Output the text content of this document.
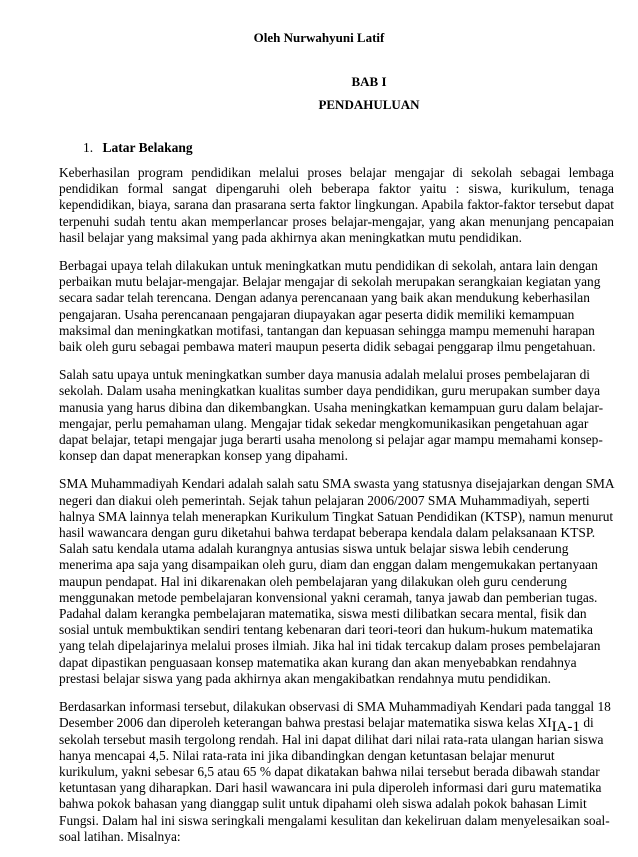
Oleh Nurwahyuni Latif
BAB I
PENDAHULUAN
1. Latar Belakang

Keberhasilan program pendidikan melalui proses belajar mengajar di sekolah sebagai lembaga pendidikan formal sangat dipengaruhi oleh beberapa faktor yaitu : siswa, kurikulum, tenaga kependidikan, biaya, sarana dan prasarana serta faktor lingkungan. Apabila faktor-faktor tersebut dapat terpenuhi sudah tentu akan memperlancar proses belajar-mengajar, yang akan menunjang pencapaian hasil belajar yang maksimal yang pada akhirnya akan meningkatkan mutu pendidikan.

Berbagai upaya telah dilakukan untuk meningkatkan mutu pendidikan di sekolah, antara lain dengan perbaikan mutu belajar-mengajar. Belajar mengajar di sekolah merupakan serangkaian kegiatan yang secara sadar telah terencana. Dengan adanya perencanaan yang baik akan mendukung keberhasilan pengajaran. Usaha perencanaan pengajaran diupayakan agar peserta didik memiliki kemampuan maksimal dan meningkatkan motifasi, tantangan dan kepuasan sehingga mampu memenuhi harapan baik oleh guru sebagai pembawa materi maupun peserta didik sebagai penggarap ilmu pengetahuan.

Salah satu upaya untuk meningkatkan sumber daya manusia adalah melalui proses pembelajaran di sekolah. Dalam usaha meningkatkan kualitas sumber daya pendidikan, guru merupakan sumber daya manusia yang harus dibina dan dikembangkan. Usaha meningkatkan kemampuan guru dalam belajar-mengajar, perlu pemahaman ulang. Mengajar tidak sekedar mengkomunikasikan pengetahuan agar dapat belajar, tetapi mengajar juga berarti usaha menolong si pelajar agar mampu memahami konsep-konsep dan dapat menerapkan konsep yang dipahami.

SMA Muhammadiyah Kendari adalah salah satu SMA swasta yang statusnya disejajarkan dengan SMA negeri dan diakui oleh pemerintah. Sejak tahun pelajaran 2006/2007 SMA Muhammadiyah, seperti halnya SMA lainnya telah menerapkan Kurikulum Tingkat Satuan Pendidikan (KTSP), namun menurut hasil wawancara dengan guru diketahui bahwa terdapat beberapa kendala dalam pelaksanaan KTSP. Salah satu kendala utama adalah kurangnya antusias siswa untuk belajar siswa lebih cenderung menerima apa saja yang disampaikan oleh guru, diam dan enggan dalam mengemukakan pertanyaan maupun pendapat. Hal ini dikarenakan oleh pembelajaran yang dilakukan oleh guru cenderung menggunakan metode pembelajaran konvensional yakni ceramah, tanya jawab dan pemberian tugas. Padahal dalam kerangka pembelajaran matematika, siswa mesti dilibatkan secara mental, fisik dan sosial untuk membuktikan sendiri tentang kebenaran dari teori-teori dan hukum-hukum matematika yang telah dipelajarinya melalui proses ilmiah. Jika hal ini tidak tercakup dalam proses pembelajaran dapat dipastikan penguasaan konsep matematika akan kurang dan akan menyebabkan rendahnya prestasi belajar siswa yang pada akhirnya akan mengakibatkan rendahnya mutu pendidikan.

Berdasarkan informasi tersebut, dilakukan observasi di SMA Muhammadiyah Kendari pada tanggal 18 Desember 2006 dan diperoleh keterangan bahwa prestasi belajar matematika siswa kelas XIIA-1 di sekolah tersebut masih tergolong rendah. Hal ini dapat dilihat dari nilai rata-rata ulangan harian siswa hanya mencapai 4,5. Nilai rata-rata ini jika dibandingkan dengan ketuntasan belajar menurut kurikulum, yakni sebesar 6,5 atau 65 % dapat dikatakan bahwa nilai tersebut berada dibawah standar ketuntasan yang diharapkan. Dari hasil wawancara ini pula diperoleh informasi dari guru matematika bahwa pokok bahasan yang dianggap sulit untuk dipahami oleh siswa adalah pokok bahasan Limit Fungsi. Dalam hal ini siswa seringkali mengalami kesulitan dan kekeliruan dalam menyelesaikan soal-soal latihan. Misalnya:
